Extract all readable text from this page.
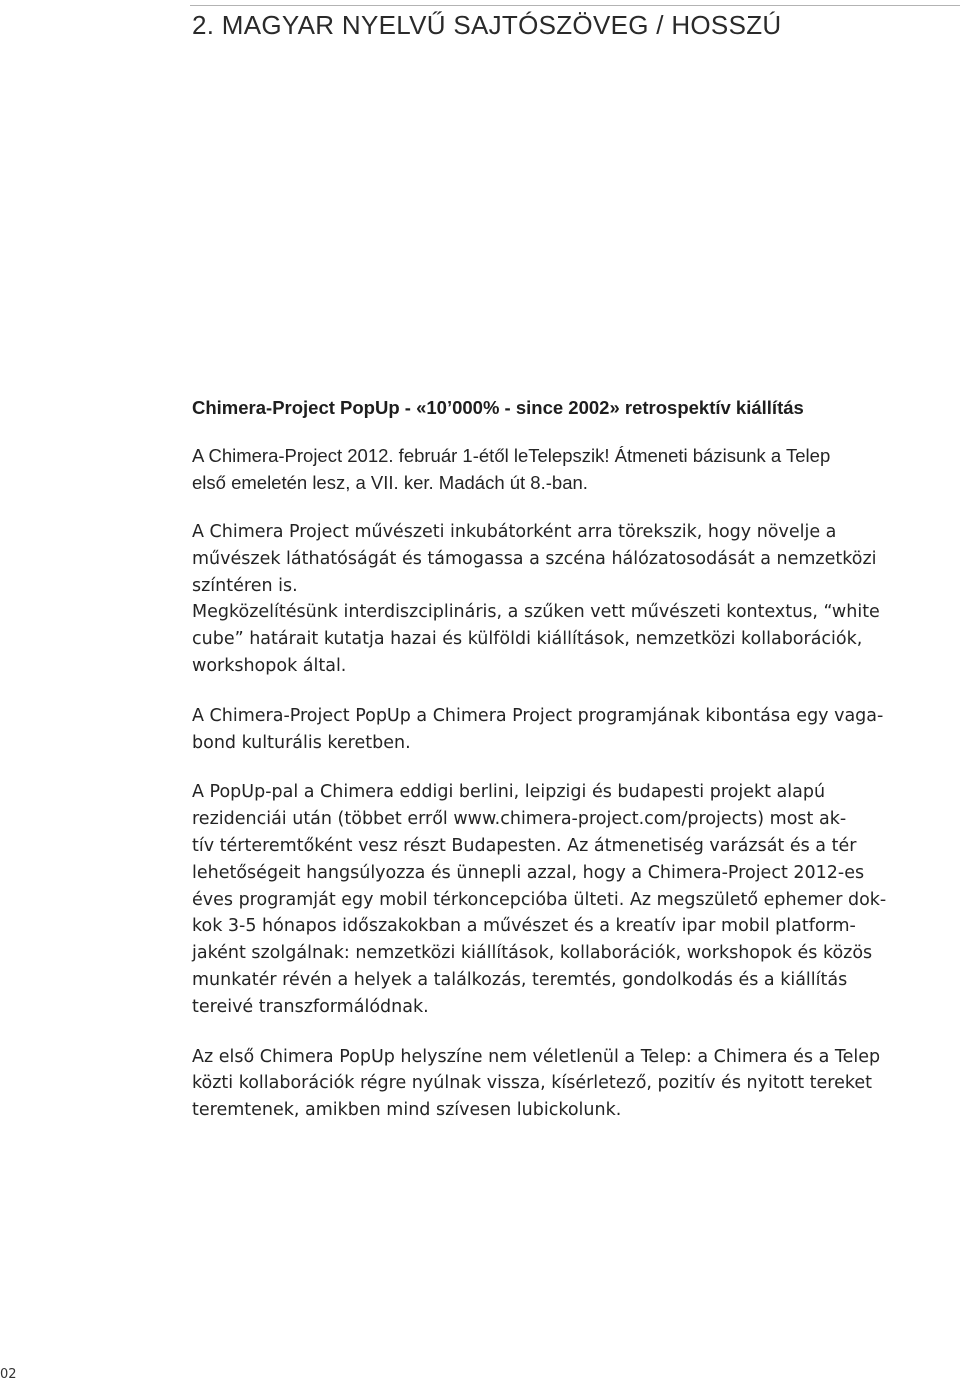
2. MAGYAR NYELVŰ SAJTÓSZÖVEG / HOSSZÚ
Chimera-Project PopUp - «10’000% - since 2002» retrospektív kiállítás

A Chimera-Project 2012. február 1-étől leTelepszik! Átmeneti bázisunk a Telep
első emeletén lesz, a VII. ker. Madách út 8.-ban.

A Chimera Project művészeti inkubátorként arra törekszik, hogy növelje a
művészek láthatóságát és támogassa a szcéna hálózatosodását a nemzetközi
színtéren is.

Megközelítésünk interdiszciplináris, a szűken vett művészeti kontextus, “white
cube” határait kutatja hazai és külföldi kiállítások, nemzetközi kollaborációk,
workshopok által.

A Chimera-Project PopUp a Chimera Project programjának kibontása egy vaga-
bond kulturális keretben.

A PopUp-pal a Chimera eddigi berlini, leipzigi és budapesti projekt alapú
rezidenciái után (többet erről www.chimera-project.com/projects) most ak-
tív térteremtőként vesz részt Budapesten. Az átmenetiség varázsát és a tér
lehetőségeit hangsúlyozza és ünnepli azzal, hogy a Chimera-Project 2012-es
éves programját egy mobil térkoncepcióba ülteti. Az megszülető ephemer dok-
kok 3-5 hónapos időszakokban a művészet és a kreatív ipar mobil platform-
jaként szolgálnak: nemzetközi kiállítások, kollaborációk, workshopok és közös
munkatér révén a helyek a találkozás, teremtés, gondolkodás és a kiállítás
tereivé transzformálódnak.

Az első Chimera PopUp helyszíne nem véletlenül a Telep: a Chimera és a Telep
közti kollaborációk régre nyúlnak vissza, kísérletező, pozitív és nyitott tereket
teremtenek, amikben mind szívesen lubickolunk.

02
